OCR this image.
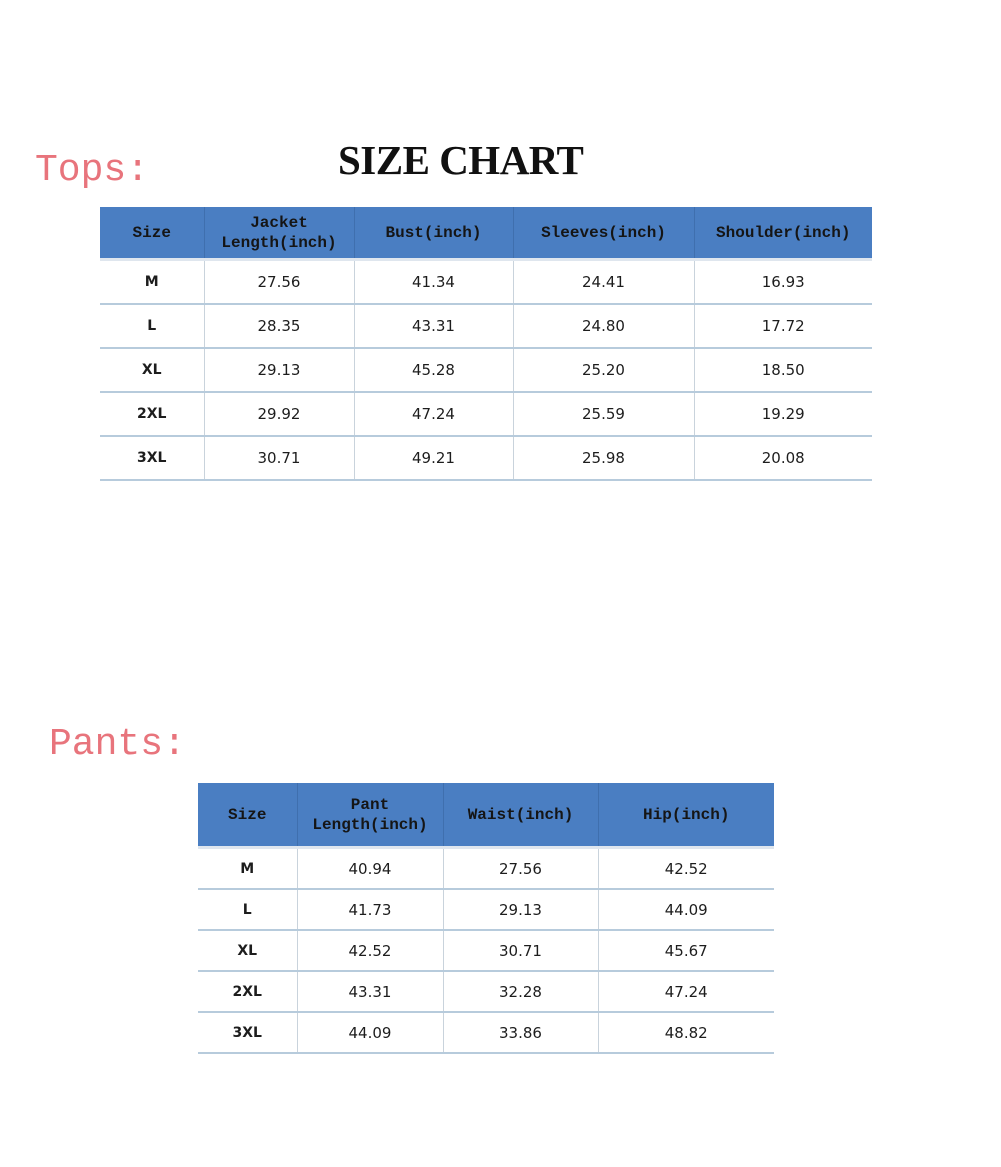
Tops:	SIZE CHART
Size	Jacket Length(inch)	Bust(inch)	Sleeves(inch)	Shoulder(inch)
M	27.56	41.34	24.41	16.93
L	28.35	43.31	24.80	17.72
XL	29.13	45.28	25.20	18.50
2XL	29.92	47.24	25.59	19.29
3XL	30.71	49.21	25.98	20.08
Pants:
Size	Pant Length(inch)	Waist(inch)	Hip(inch)
M	40.94	27.56	42.52
L	41.73	29.13	44.09
XL	42.52	30.71	45.67
2XL	43.31	32.28	47.24
3XL	44.09	33.86	48.82
